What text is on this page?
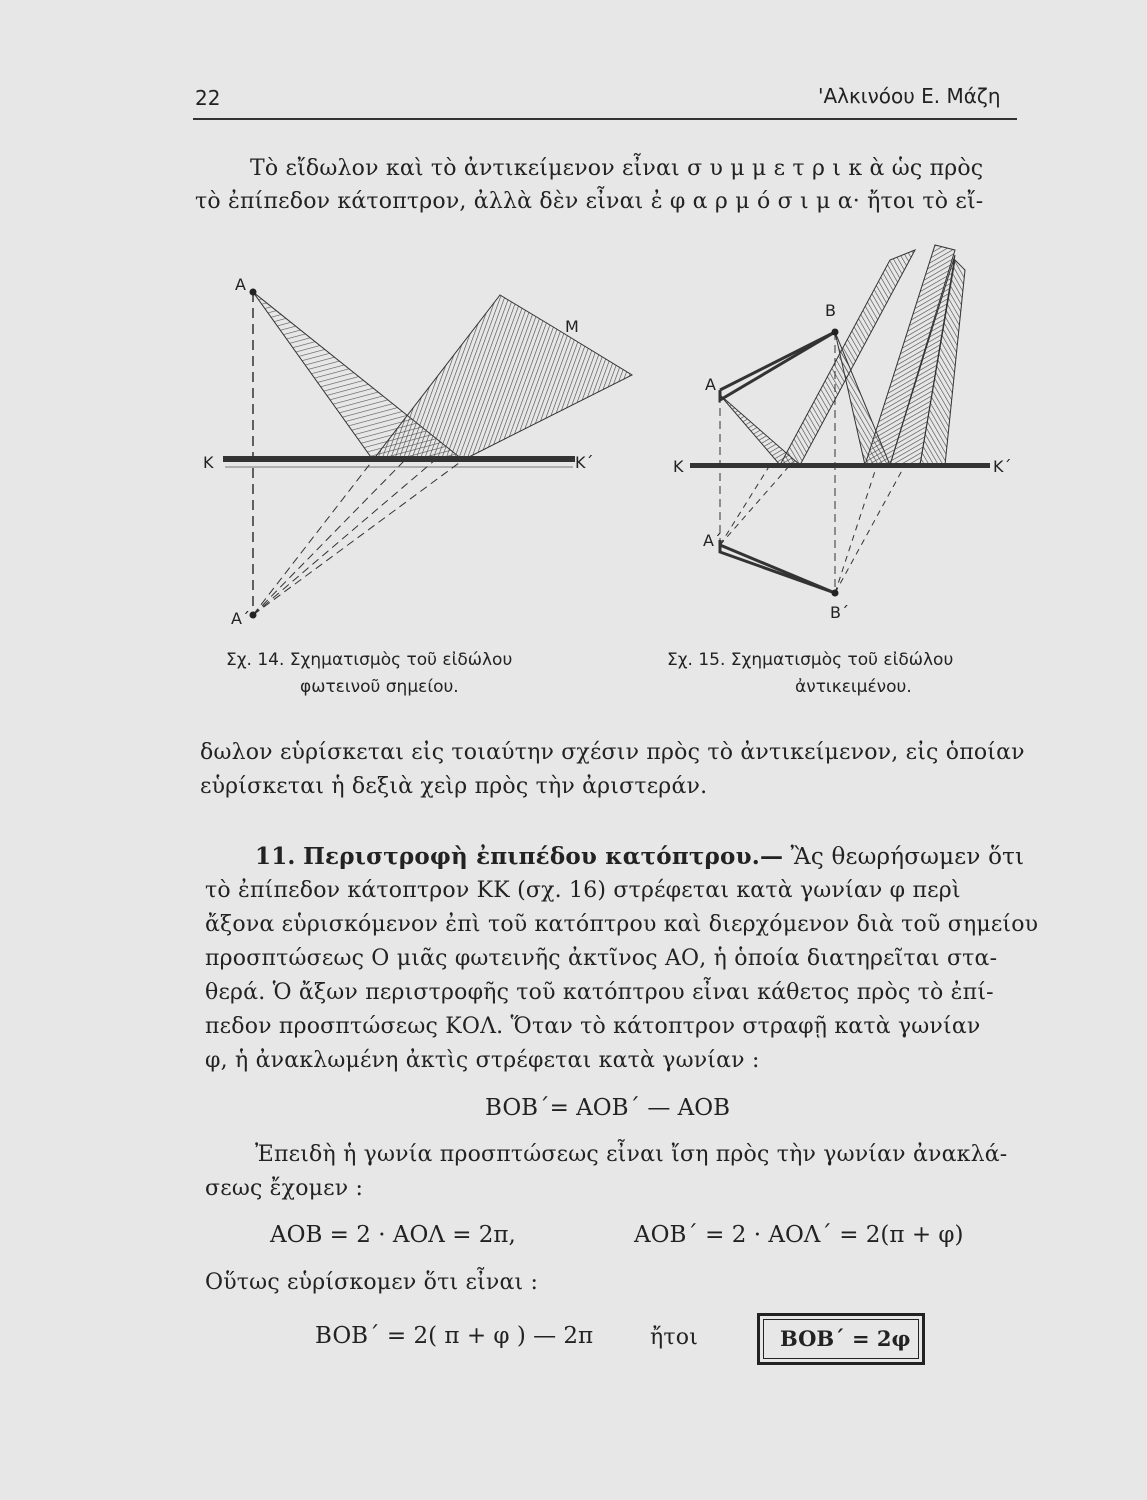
22	'Αλκινόου Ε. Μάζη
Τὸ εἴδωλον καὶ τὸ ἀντικείμενον εἶναι σ υ μ μ ε τ ρ ι κ ὰ ὡς πρὸς
τὸ ἐπίπεδον κάτοπτρον, ἀλλὰ δὲν εἶναι ἐ φ α ρ μ ό σ ι μ α· ἤτοι τὸ εἴ-
A
A΄
K	K΄
M
A
A΄
B
B΄
K	K΄
Σχ. 14. Σχηματισμὸς τοῦ εἰδώλου
φωτεινοῦ σημείου.
Σχ. 15. Σχηματισμὸς τοῦ εἰδώλου
ἀντικειμένου.
δωλον εὑρίσκεται εἰς τοιαύτην σχέσιν πρὸς τὸ ἀντικείμενον, εἰς ὁποίαν
εὑρίσκεται ἡ δεξιὰ χεὶρ πρὸς τὴν ἀριστεράν.
11. Περιστροφὴ ἐπιπέδου κατόπτρου.— Ἂς θεωρήσωμεν ὅτι
τὸ ἐπίπεδον κάτοπτρον ΚΚ (σχ. 16) στρέφεται κατὰ γωνίαν φ περὶ
ἄξονα εὑρισκόμενον ἐπὶ τοῦ κατόπτρου καὶ διερχόμενον διὰ τοῦ σημείου
προσπτώσεως Ο μιᾶς φωτεινῆς ἀκτῖνος ΑΟ, ἡ ὁποία διατηρεῖται στα-
θερά. Ὁ ἄξων περιστροφῆς τοῦ κατόπτρου εἶναι κάθετος πρὸς τὸ ἐπί-
πεδον προσπτώσεως ΚΟΛ. Ὅταν τὸ κάτοπτρον στραφῇ κατὰ γωνίαν
φ, ἡ ἀνακλωμένη ἀκτὶς στρέφεται κατὰ γωνίαν :
BOB΄= AOB΄ — AOB
Ἐπειδὴ ἡ γωνία προσπτώσεως εἶναι ἴση πρὸς τὴν γωνίαν ἀνακλά-
σεως ἔχομεν :
AOB = 2 · AOΛ = 2π,	AOB΄ = 2 · AOΛ΄ = 2(π + φ)
Οὕτως εὑρίσκομεν ὅτι εἶναι :
BOB΄ = 2( π + φ ) — 2π	ἤτοι	BOB΄ = 2φ
